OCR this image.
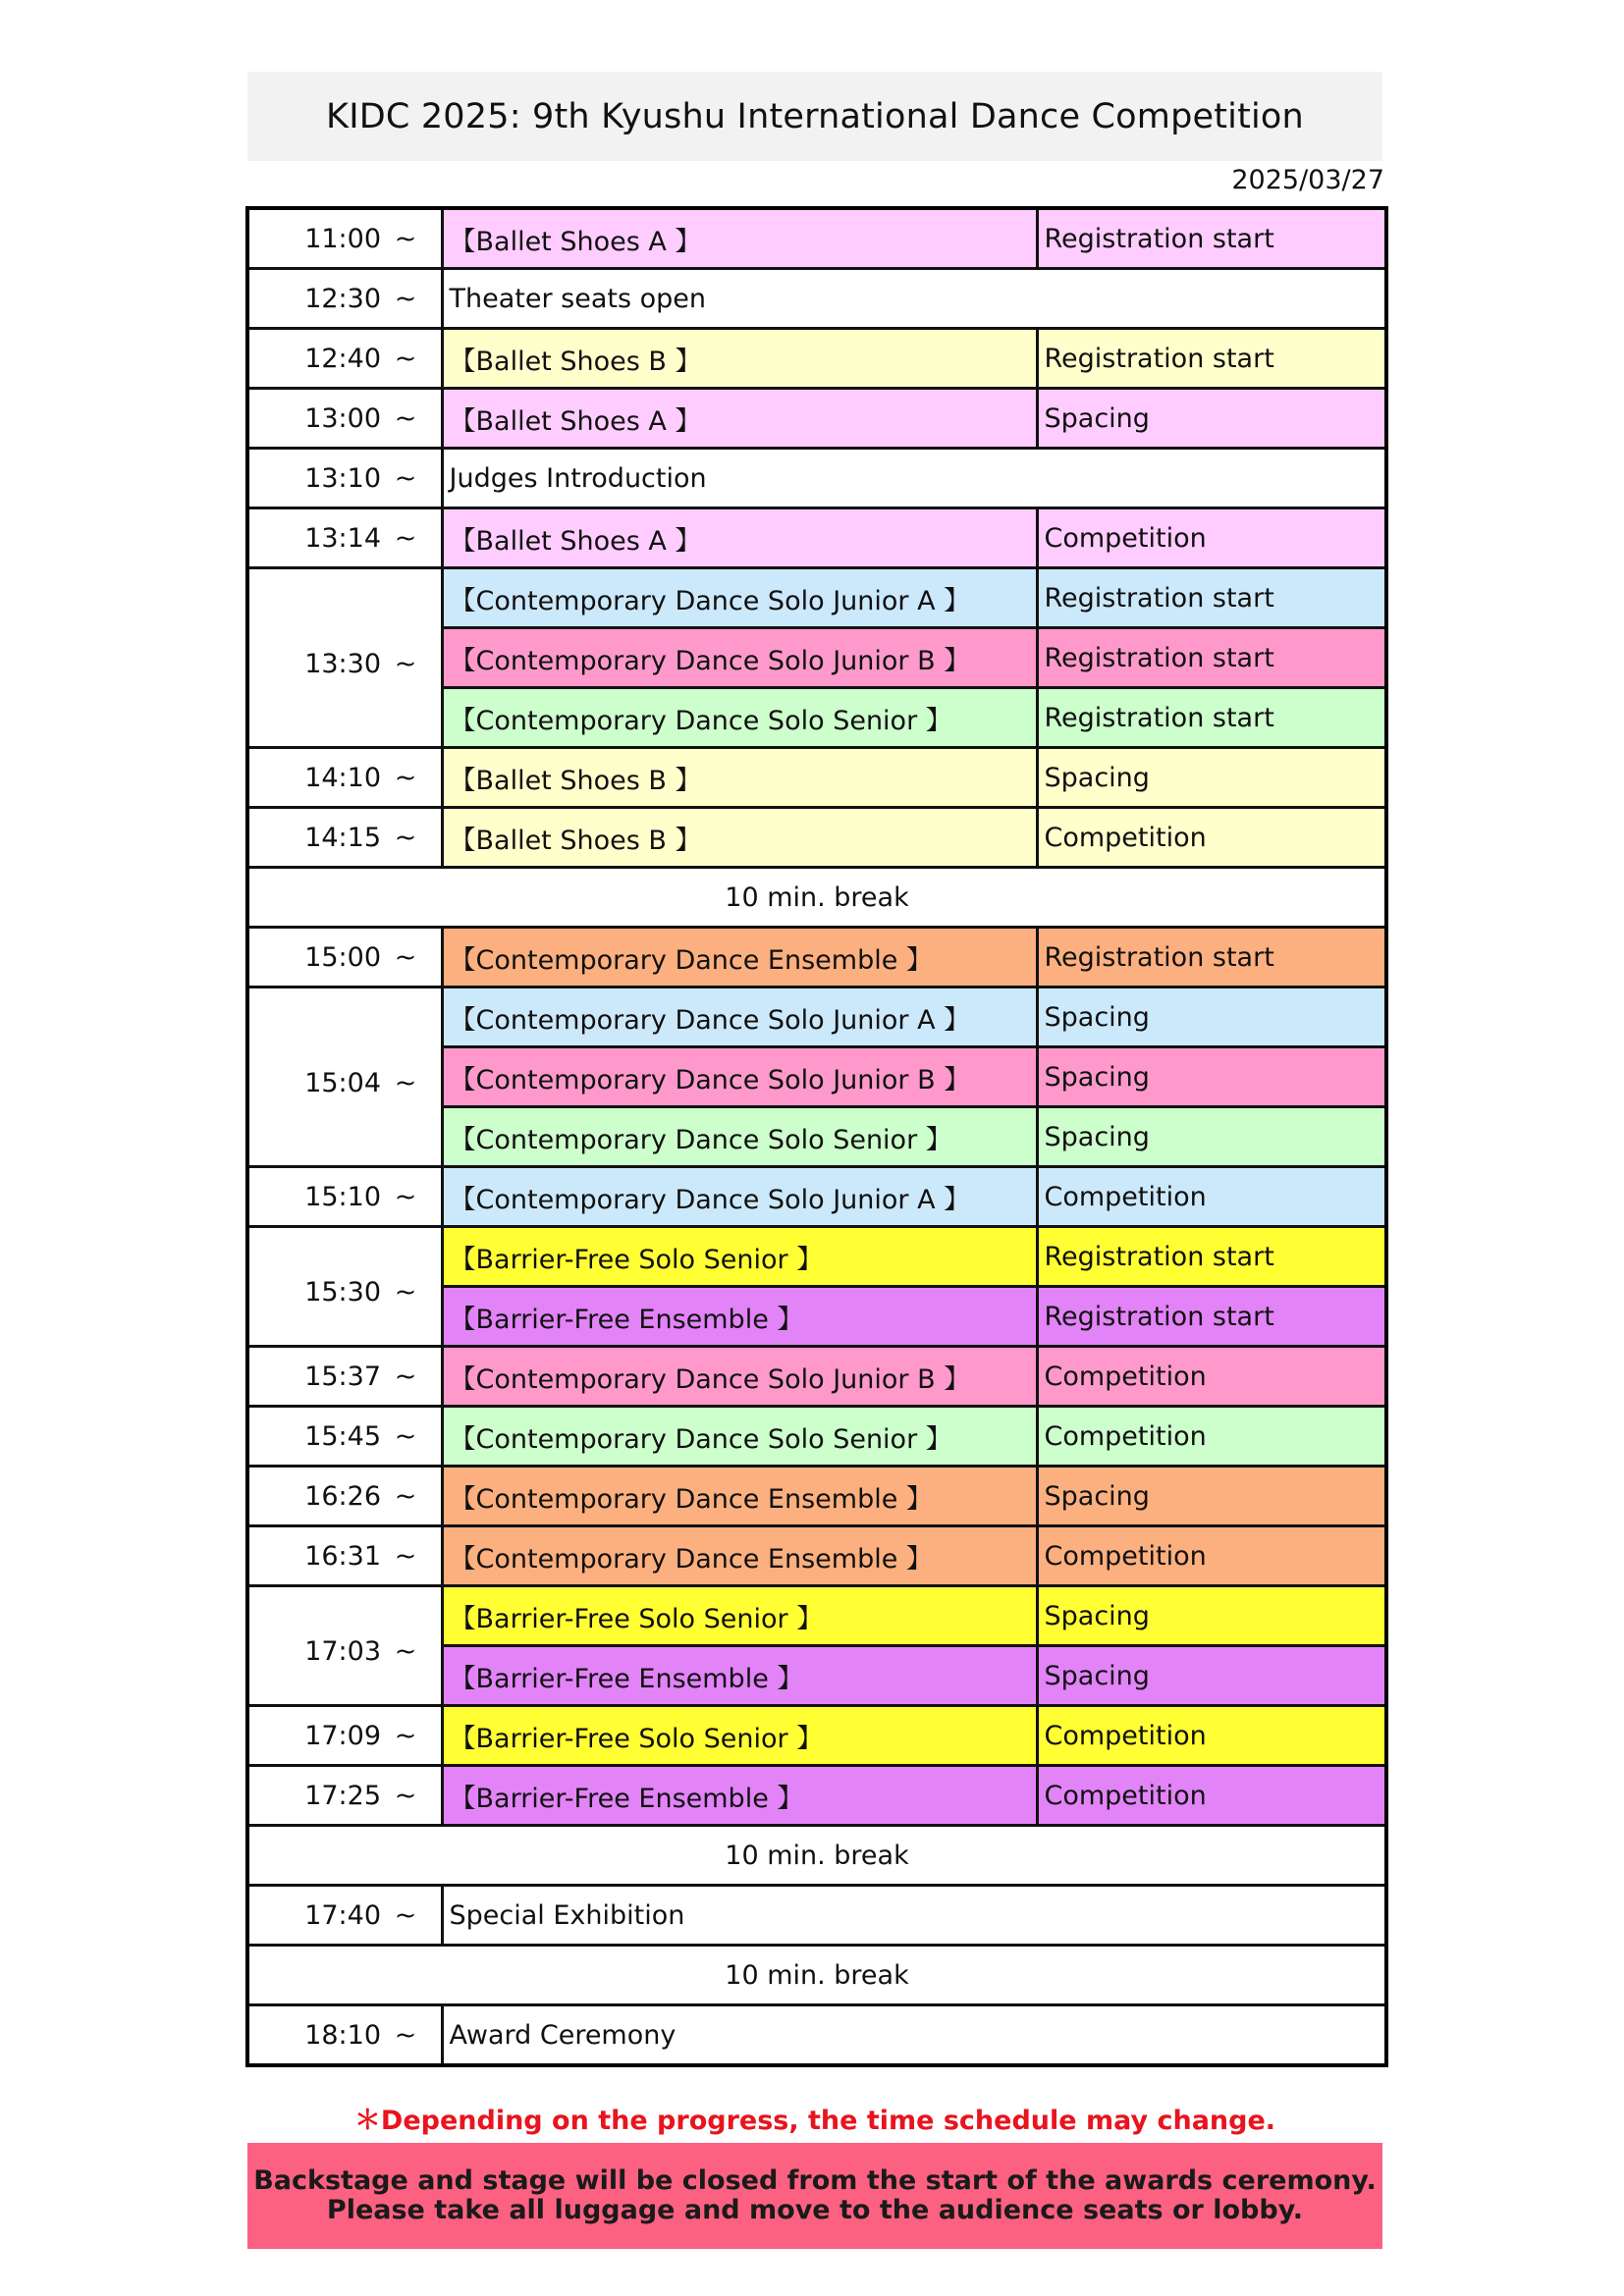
KIDC 2025: 9th Kyushu International Dance Competition
2025/03/27
11:00 ~	【Ballet Shoes A 】	Registration start
12:30 ~	Theater seats open	
12:40 ~	【Ballet Shoes B 】	Registration start
13:00 ~	【Ballet Shoes A 】	Spacing
13:10 ~	Judges Introduction	
13:14 ~	【Ballet Shoes A 】	Competition
13:30 ~	【Contemporary Dance Solo Junior A 】	Registration start
	【Contemporary Dance Solo Junior B 】	Registration start
	【Contemporary Dance Solo Senior 】	Registration start
14:10 ~	【Ballet Shoes B 】	Spacing
14:15 ~	【Ballet Shoes B 】	Competition
10 min. break		
15:00 ~	【Contemporary Dance Ensemble 】	Registration start
15:04 ~	【Contemporary Dance Solo Junior A 】	Spacing
	【Contemporary Dance Solo Junior B 】	Spacing
	【Contemporary Dance Solo Senior 】	Spacing
15:10 ~	【Contemporary Dance Solo Junior A 】	Competition
15:30 ~	【Barrier-Free Solo Senior 】	Registration start
	【Barrier-Free Ensemble 】	Registration start
15:37 ~	【Contemporary Dance Solo Junior B 】	Competition
15:45 ~	【Contemporary Dance Solo Senior 】	Competition
16:26 ~	【Contemporary Dance Ensemble 】	Spacing
16:31 ~	【Contemporary Dance Ensemble 】	Competition
17:03 ~	【Barrier-Free Solo Senior 】	Spacing
	【Barrier-Free Ensemble 】	Spacing
17:09 ~	【Barrier-Free Solo Senior 】	Competition
17:25 ~	【Barrier-Free Ensemble 】	Competition
10 min. break		
17:40 ~	Special Exhibition	
10 min. break		
18:10 ~	Award Ceremony	
＊Depending on the progress, the time schedule may change.
Backstage and stage will be closed from the start of the awards ceremony.
Please take all luggage and move to the audience seats or lobby.
